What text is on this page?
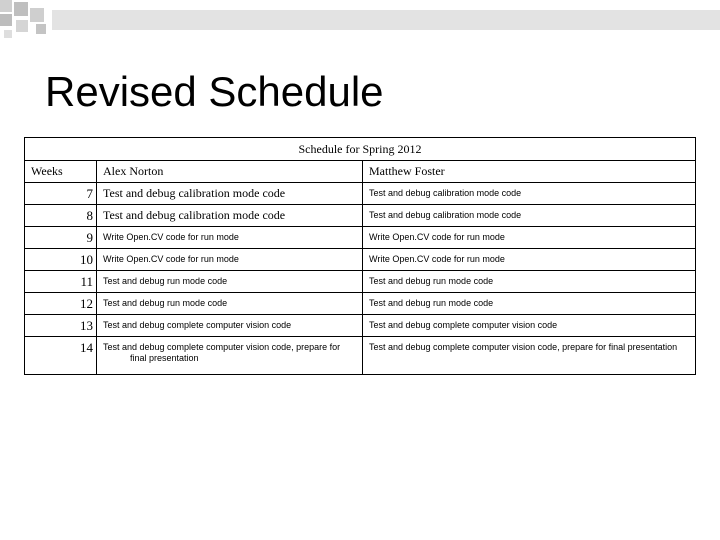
Revised Schedule
Schedule for Spring 2012		
Weeks	Alex Norton	Matthew Foster
7	Test and debug calibration mode code	Test and debug calibration mode code
8	Test and debug calibration mode code	Test and debug calibration mode code
9	Write Open.CV code for run mode	Write Open.CV code for run mode
10	Write Open.CV code for run mode	Write Open.CV code for run mode
11	Test and debug run mode code	Test and debug run mode code
12	Test and debug run mode code	Test and debug run mode code
13	Test and debug complete computer vision code	Test and debug complete computer vision code
14	Test and debug complete computer vision code, prepare for final presentation	Test and debug complete computer vision code, prepare for final presentation
